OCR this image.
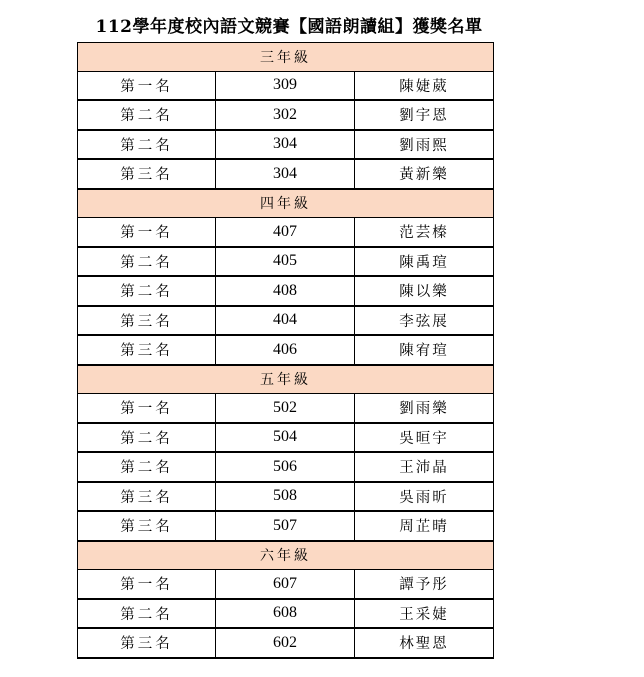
112學年度校內語文競賽【國語朗讀組】獲獎名單
三年級		
第一名	309	陳婕葳
第二名	302	劉宇恩
第二名	304	劉雨熙
第三名	304	黃新樂
四年級		
第一名	407	范芸榛
第二名	405	陳禹瑄
第二名	408	陳以樂
第三名	404	李弦展
第三名	406	陳宥瑄
五年級		
第一名	502	劉雨樂
第二名	504	吳晅宇
第二名	506	王沛晶
第三名	508	吳雨昕
第三名	507	周芷晴
六年級		
第一名	607	譚予彤
第二名	608	王采婕
第三名	602	林聖恩
